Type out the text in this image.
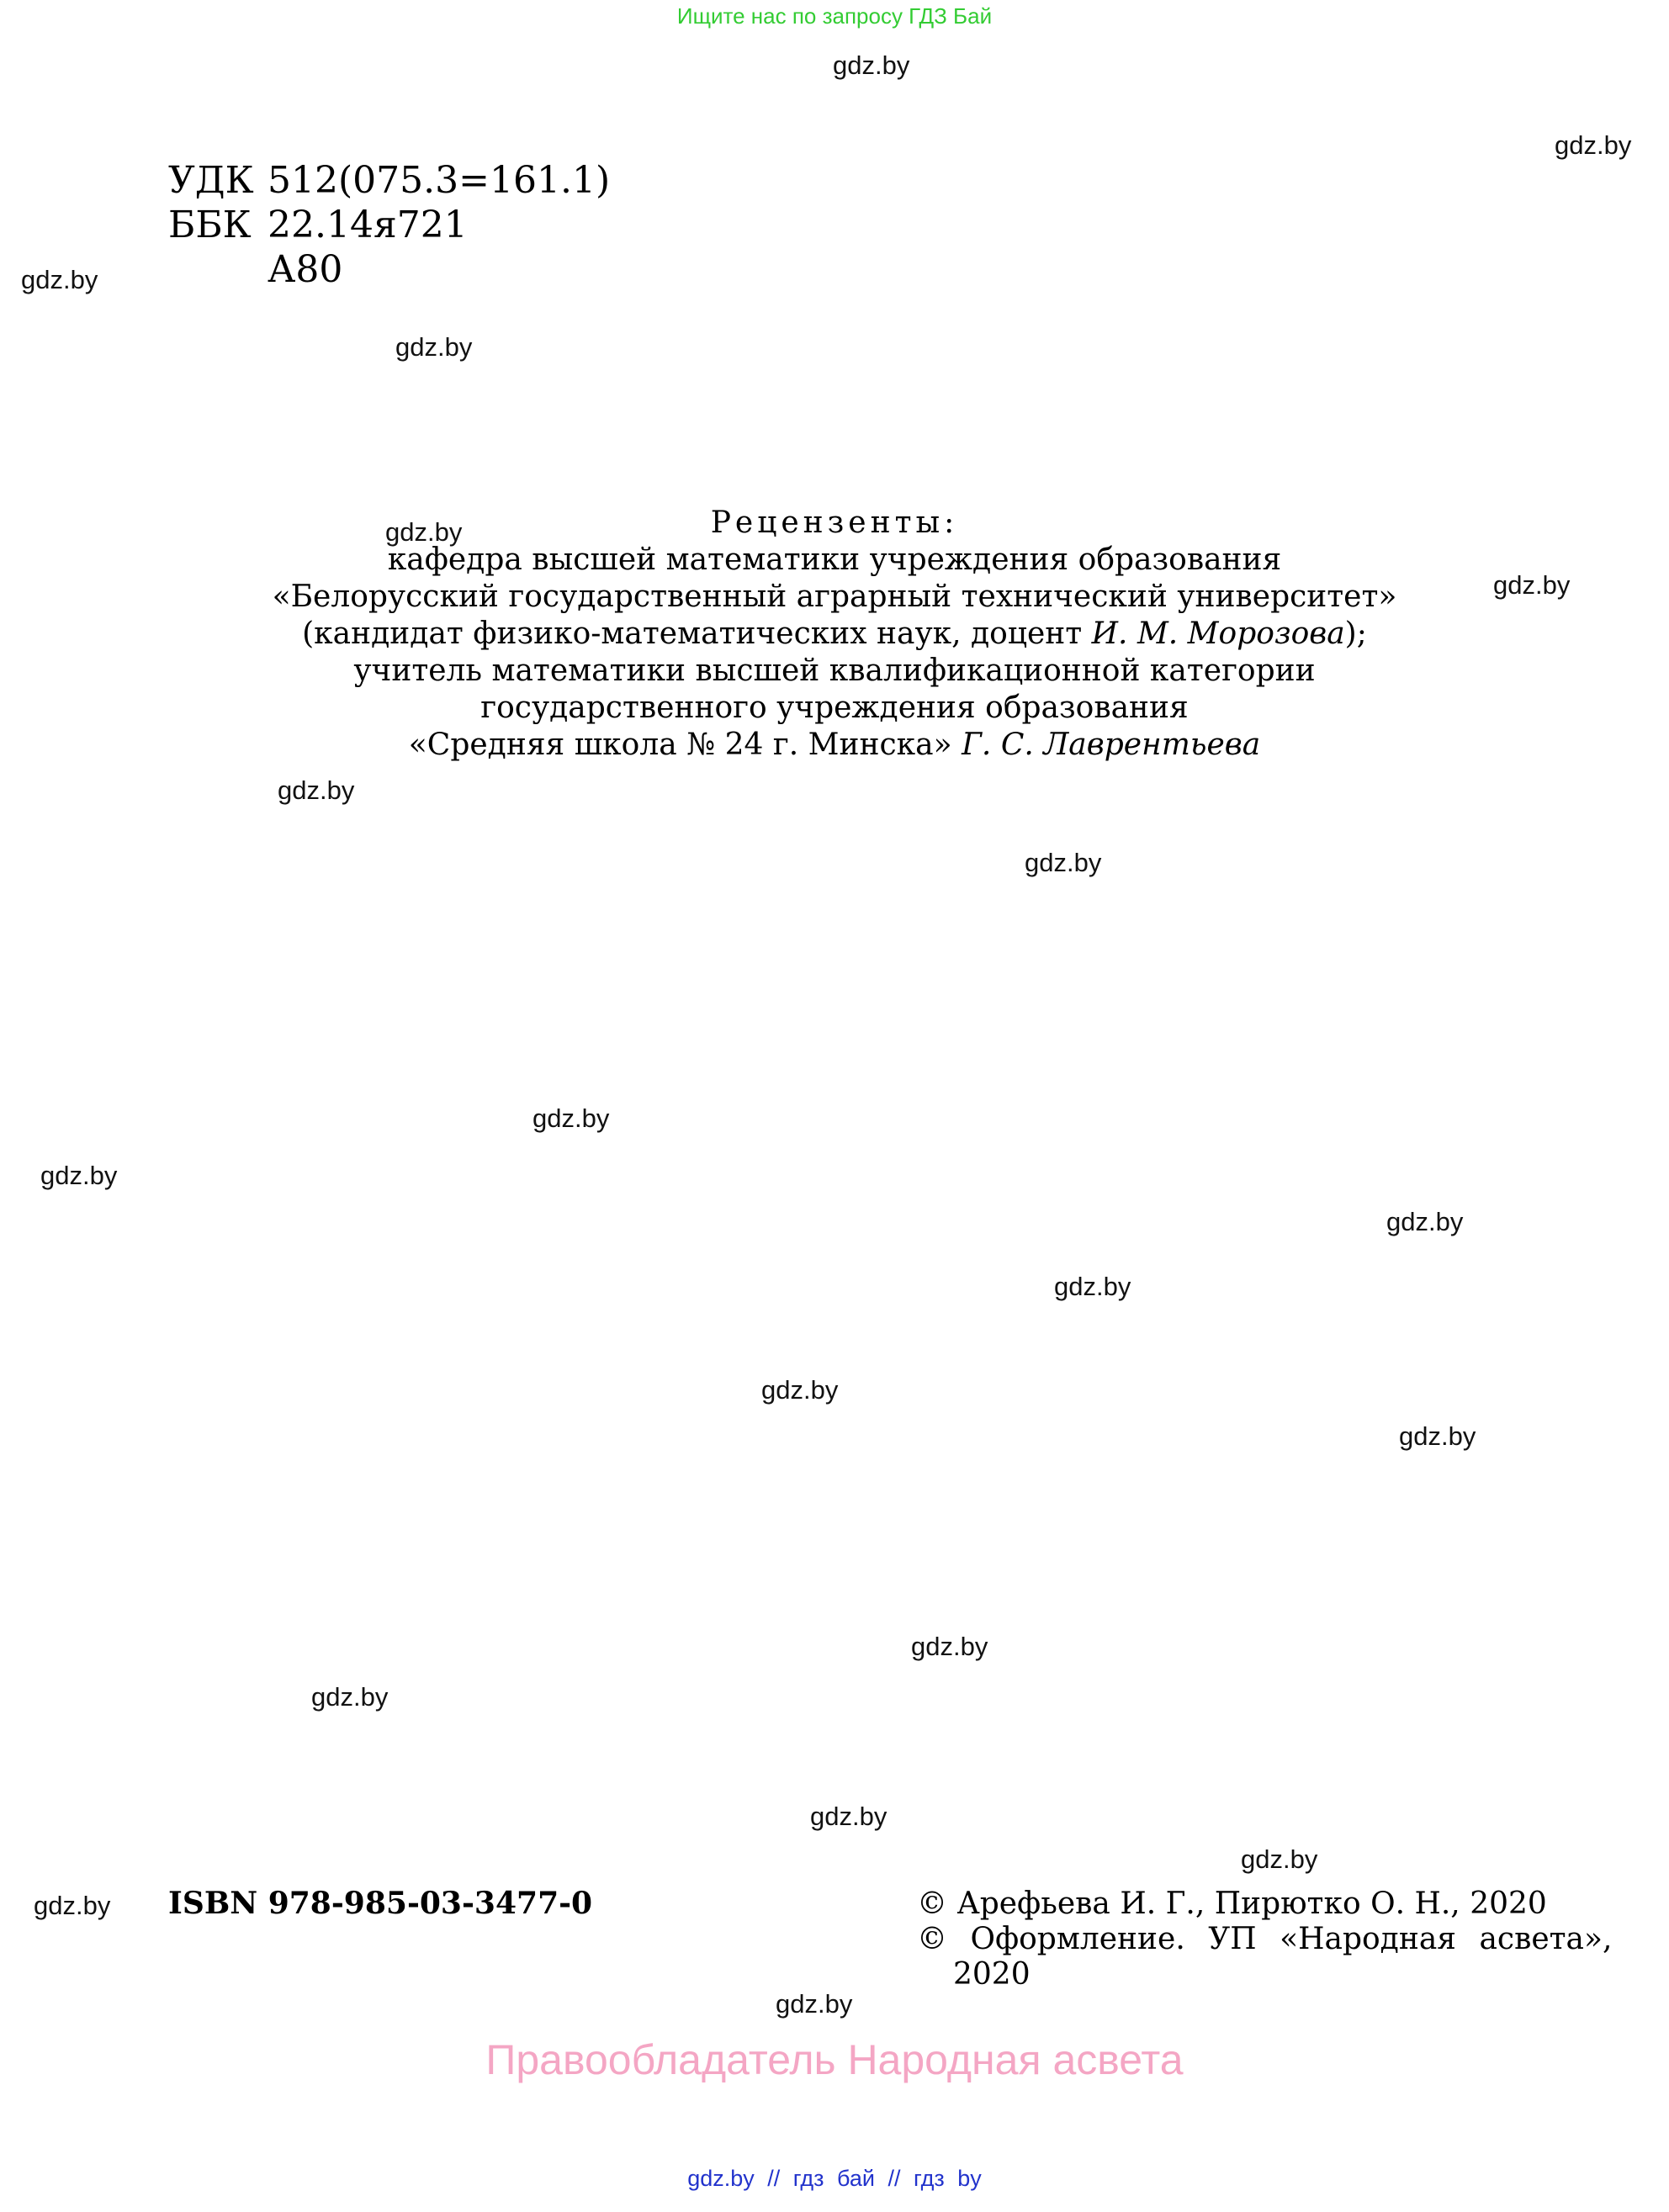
Ищите нас по запросу ГДЗ Бай
gdz.by
gdz.by
gdz.by
gdz.by
gdz.by
gdz.by
gdz.by
gdz.by
gdz.by
gdz.by
gdz.by
gdz.by
gdz.by
gdz.by
gdz.by
gdz.by
gdz.by
gdz.by
gdz.by
gdz.by
УДК 512(075.3=161.1)
ББК 22.14я721
А80
Рецензенты:
кафедра высшей математики учреждения образования
«Белорусский государственный аграрный технический университет»
(кандидат физико-математических наук, доцент И. М. Морозова);
учитель математики высшей квалификационной категории
государственного учреждения образования
«Средняя школа № 24 г. Минска» Г. С. Лаврентьева
ISBN 978-985-03-3477-0	© Арефьева И. Г., Пирютко О. Н., 2020
© Оформление. УП «Народная асвета»,
2020
Правообладатель Народная асвета
gdz.by // гдз бай // гдз by
